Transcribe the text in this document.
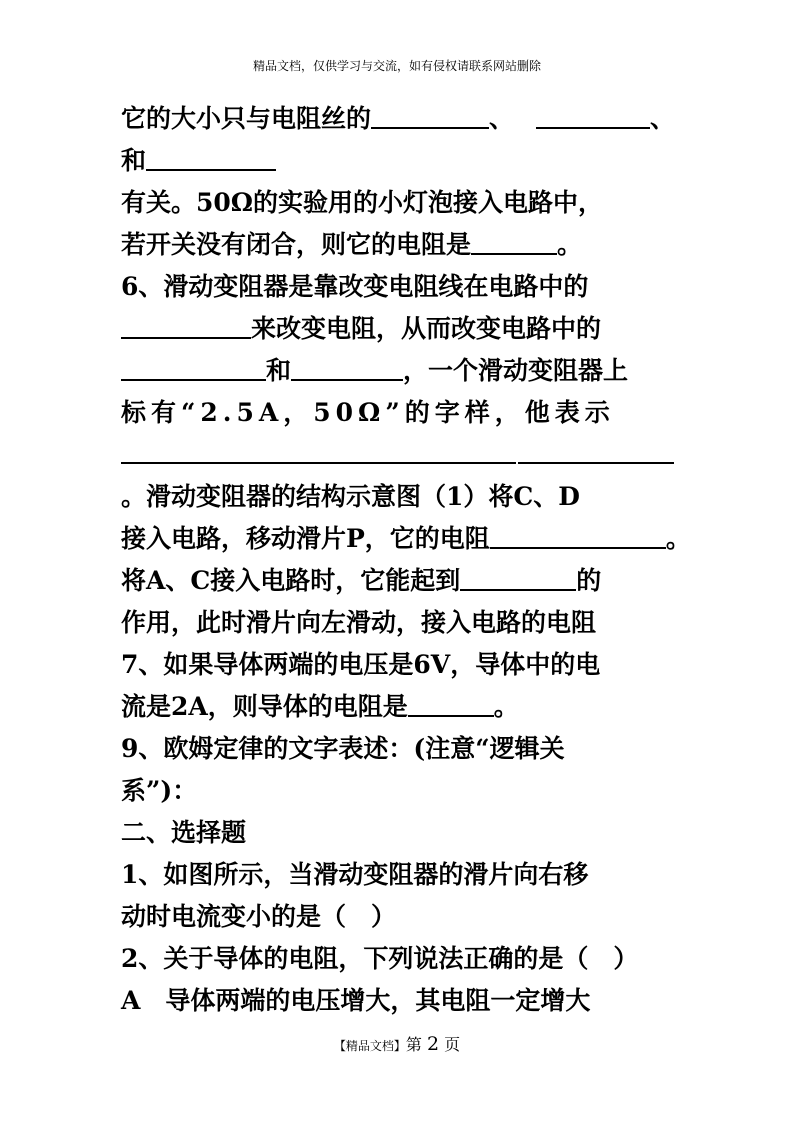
精品文档，仅供学习与交流，如有侵权请联系网站删除
它的大小只与电阻丝的	、	、
和
有关。50Ω的实验用的小灯泡接入电路中，
若开关没有闭合，则它的电阻是	。
6、滑动变阻器是靠改变电阻线在电路中的
来改变电阻，从而改变电路中的
和	，一个滑动变阻器上
标有“2.5A，50Ω”的字样，他表示
。滑动变阻器的结构示意图（1）将C、D
接入电路，移动滑片P，它的电阻	。
将A、C接入电路时，它能起到	的
作用，此时滑片向左滑动，接入电路的电阻
7、如果导体两端的电压是6V，导体中的电
流是2A，则导体的电阻是	。
9、欧姆定律的文字表述：(注意“逻辑关
系”)：
二、选择题
1、如图所示，当滑动变阻器的滑片向右移
动时电流变小的是（　）
2、关于导体的电阻，下列说法正确的是（　）
A　导体两端的电压增大，其电阻一定增大
【精品文档】第 2 页
